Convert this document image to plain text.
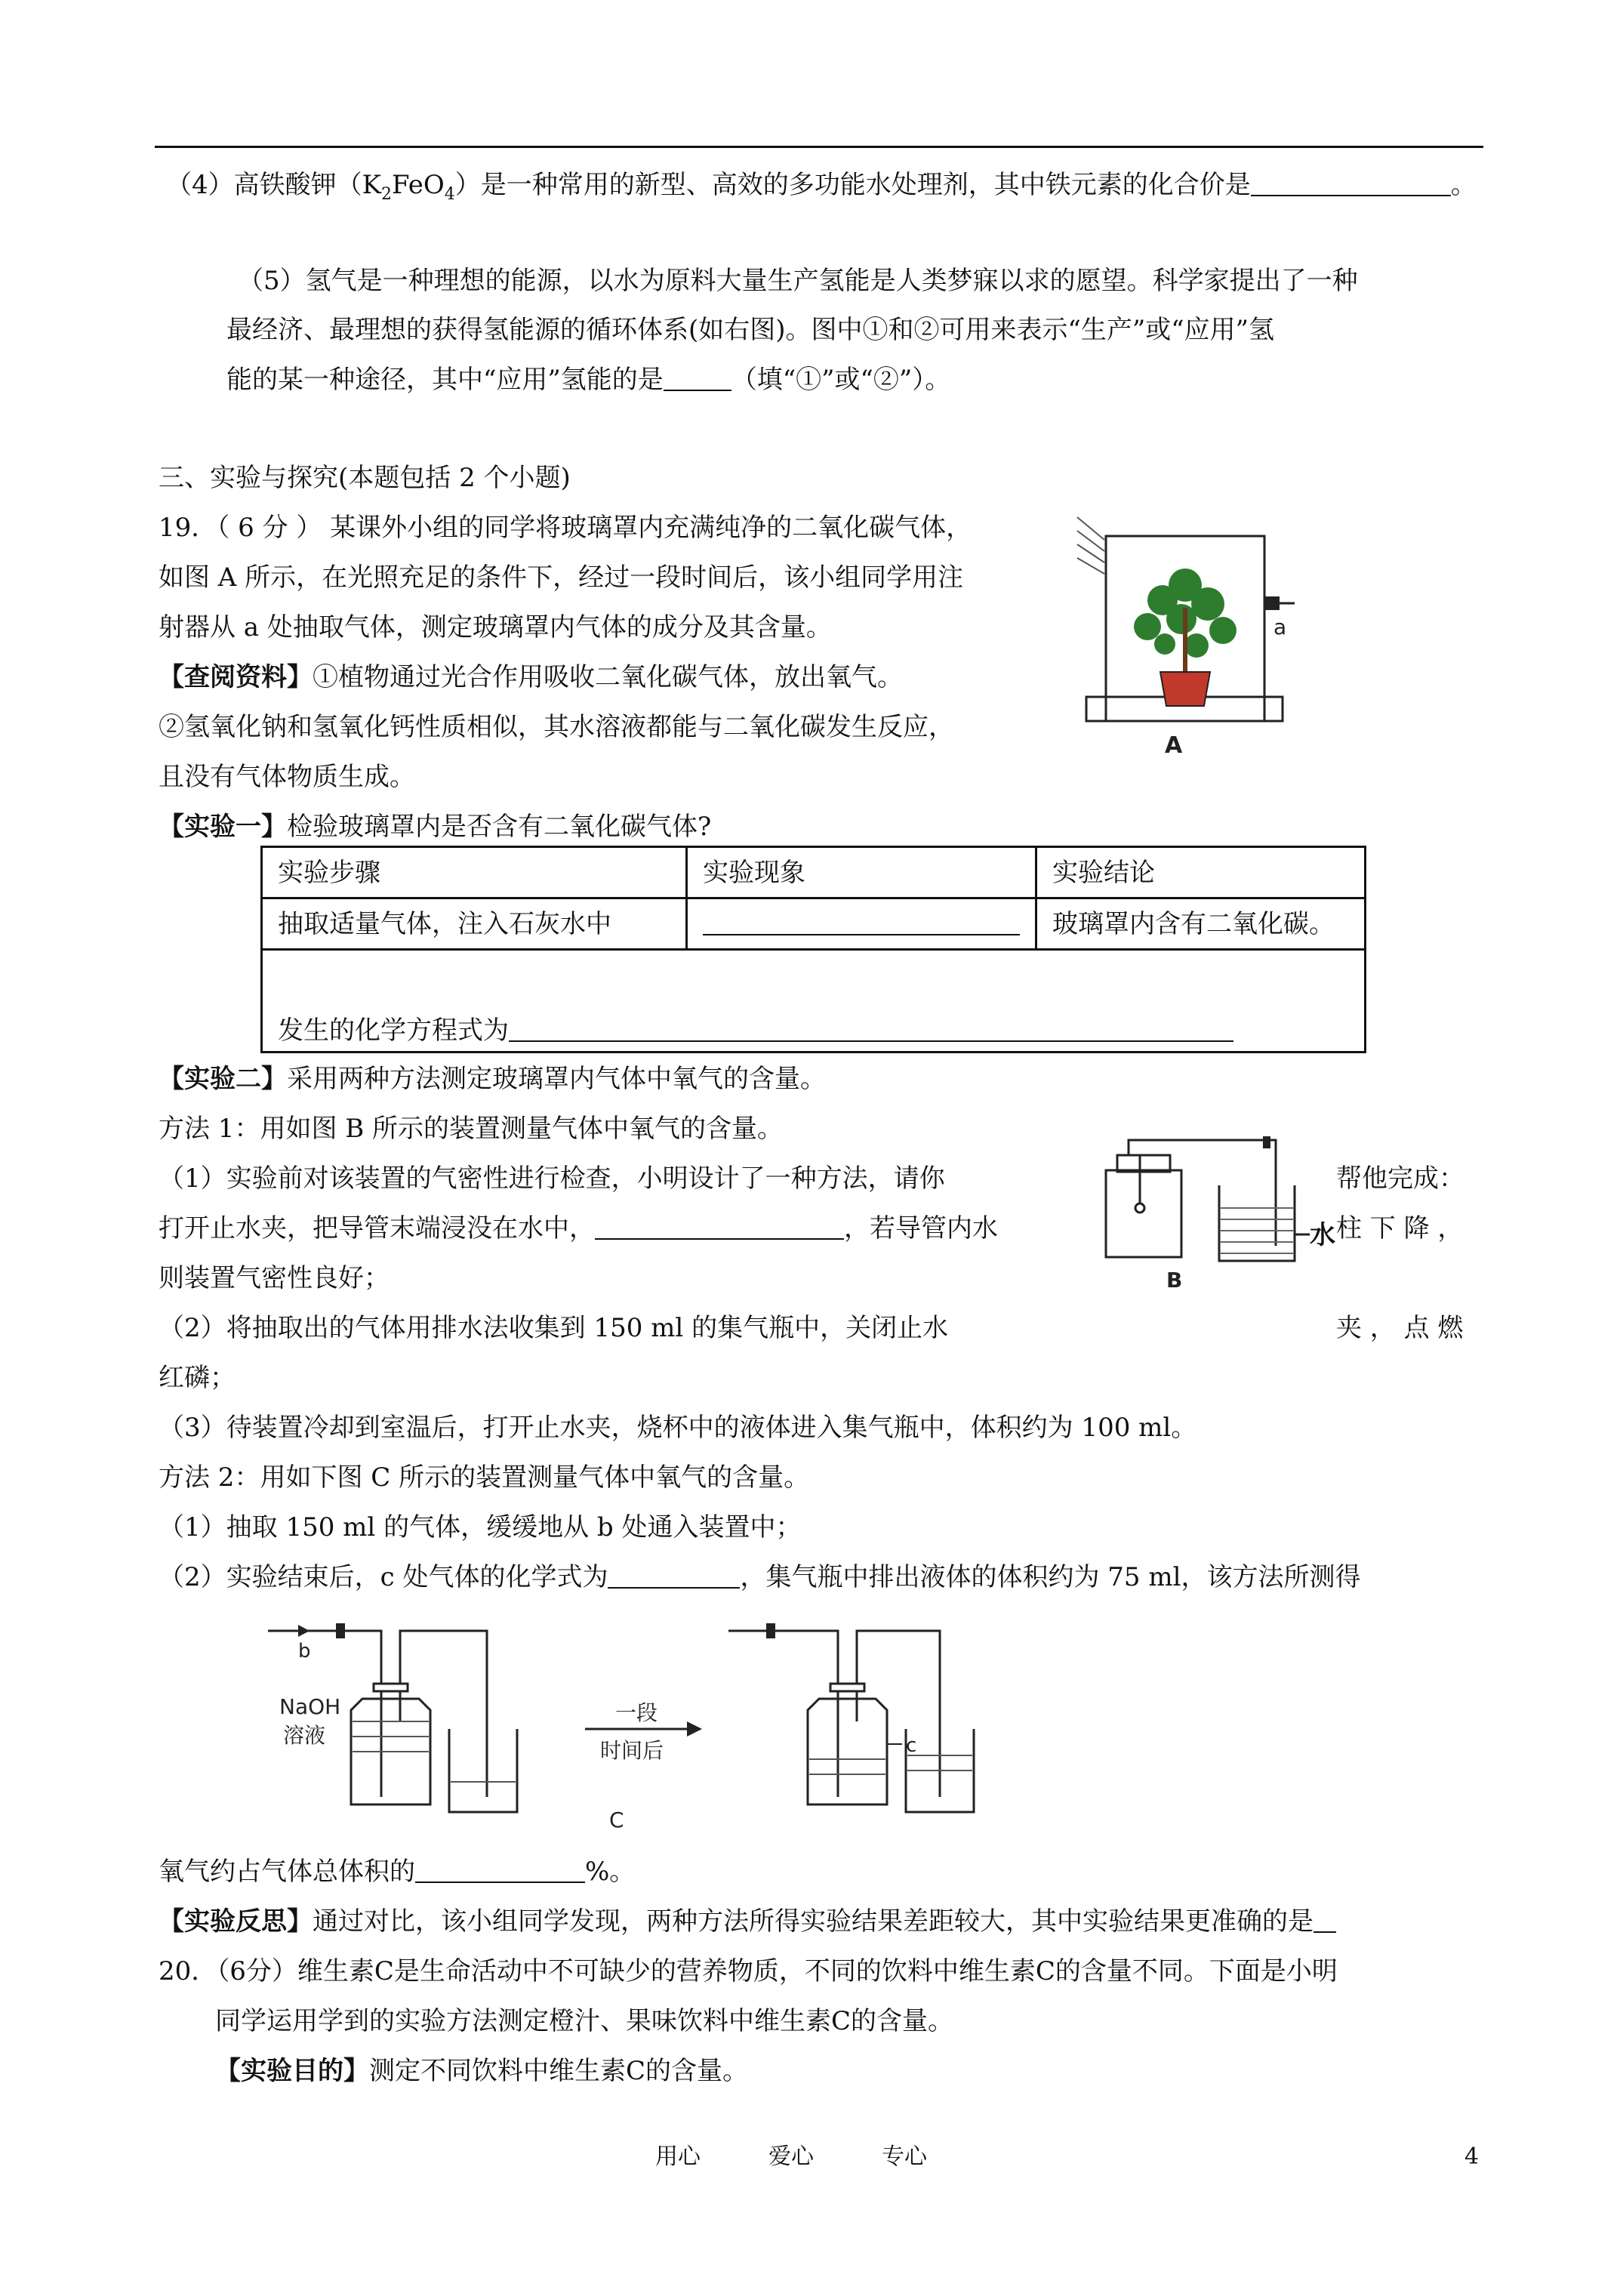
（4）高铁酸钾$(K_2FeO_4)$是一种常用的新型、高效的多功能水处理剂，其中铁元素的化合价是	。
（5）氢气是一种理想的能源，以水为原料大量生产氢能是人类梦寐以求的愿望。科学家提出了一种
最经济、最理想的获得氢能源的循环体系(如右图)。图中①和②可用来表示“生产”或“应用”氢
能的某一种途径，其中“应用”氢能的是	（填“①”或“②”）。
三、实验与探究(本题包括 2 个小题)
19．（ 6 分 ） 某课外小组的同学将玻璃罩内充满纯净的二氧化碳气体，
如图 A 所示，在光照充足的条件下，经过一段时间后，该小组同学用注
射器从 a 处抽取气体，测定玻璃罩内气体的成分及其含量。
【查阅资料】①植物通过光合作用吸收二氧化碳气体，放出氧气。
②氢氧化钠和氢氧化钙性质相似，其水溶液都能与二氧化碳发生反应，
且没有气体物质生成。
a
A
【实验一】检验玻璃罩内是否含有二氧化碳气体?
实验步骤	实验现象	实验结论
抽取适量气体，注入石灰水中		玻璃罩内含有二氧化碳。
发生的化学方程式为		
【实验二】采用两种方法测定玻璃罩内气体中氧气的含量。
方法 1：用如图 B 所示的装置测量气体中氧气的含量。
（1）实验前对该装置的气密性进行检查，小明设计了一种方法，请你	帮他完成：
打开止水夹，把导管末端浸没在水中，	，若导管内水	柱 下 降 ，
则装置气密性良好；
（2）将抽取出的气体用排水法收集到 150 ml 的集气瓶中，关闭止水	夹 ， 点 燃
红磷；
（3）待装置冷却到室温后，打开止水夹，烧杯中的液体进入集气瓶中，体积约为 100 ml。
水
B
方法 2：用如下图 C 所示的装置测量气体中氧气的含量。
（1）抽取 150 ml 的气体，缓缓地从 b 处通入装置中；
（2）实验结束后，c 处气体的化学式为	，集气瓶中排出液体的体积约为 75 ml，该方法所测得
b
NaOH
溶液
一段
时间后	c
C
氧气约占气体总体积的	%。
【实验反思】通过对比，该小组同学发现，两种方法所得实验结果差距较大，其中实验结果更准确的是
20．（6分）维生素C是生命活动中不可缺少的营养物质，不同的饮料中维生素C的含量不同。下面是小明
同学运用学到的实验方法测定橙汁、果味饮料中维生素C的含量。
【实验目的】测定不同饮料中维生素C的含量。
用心	爱心	专心	4
